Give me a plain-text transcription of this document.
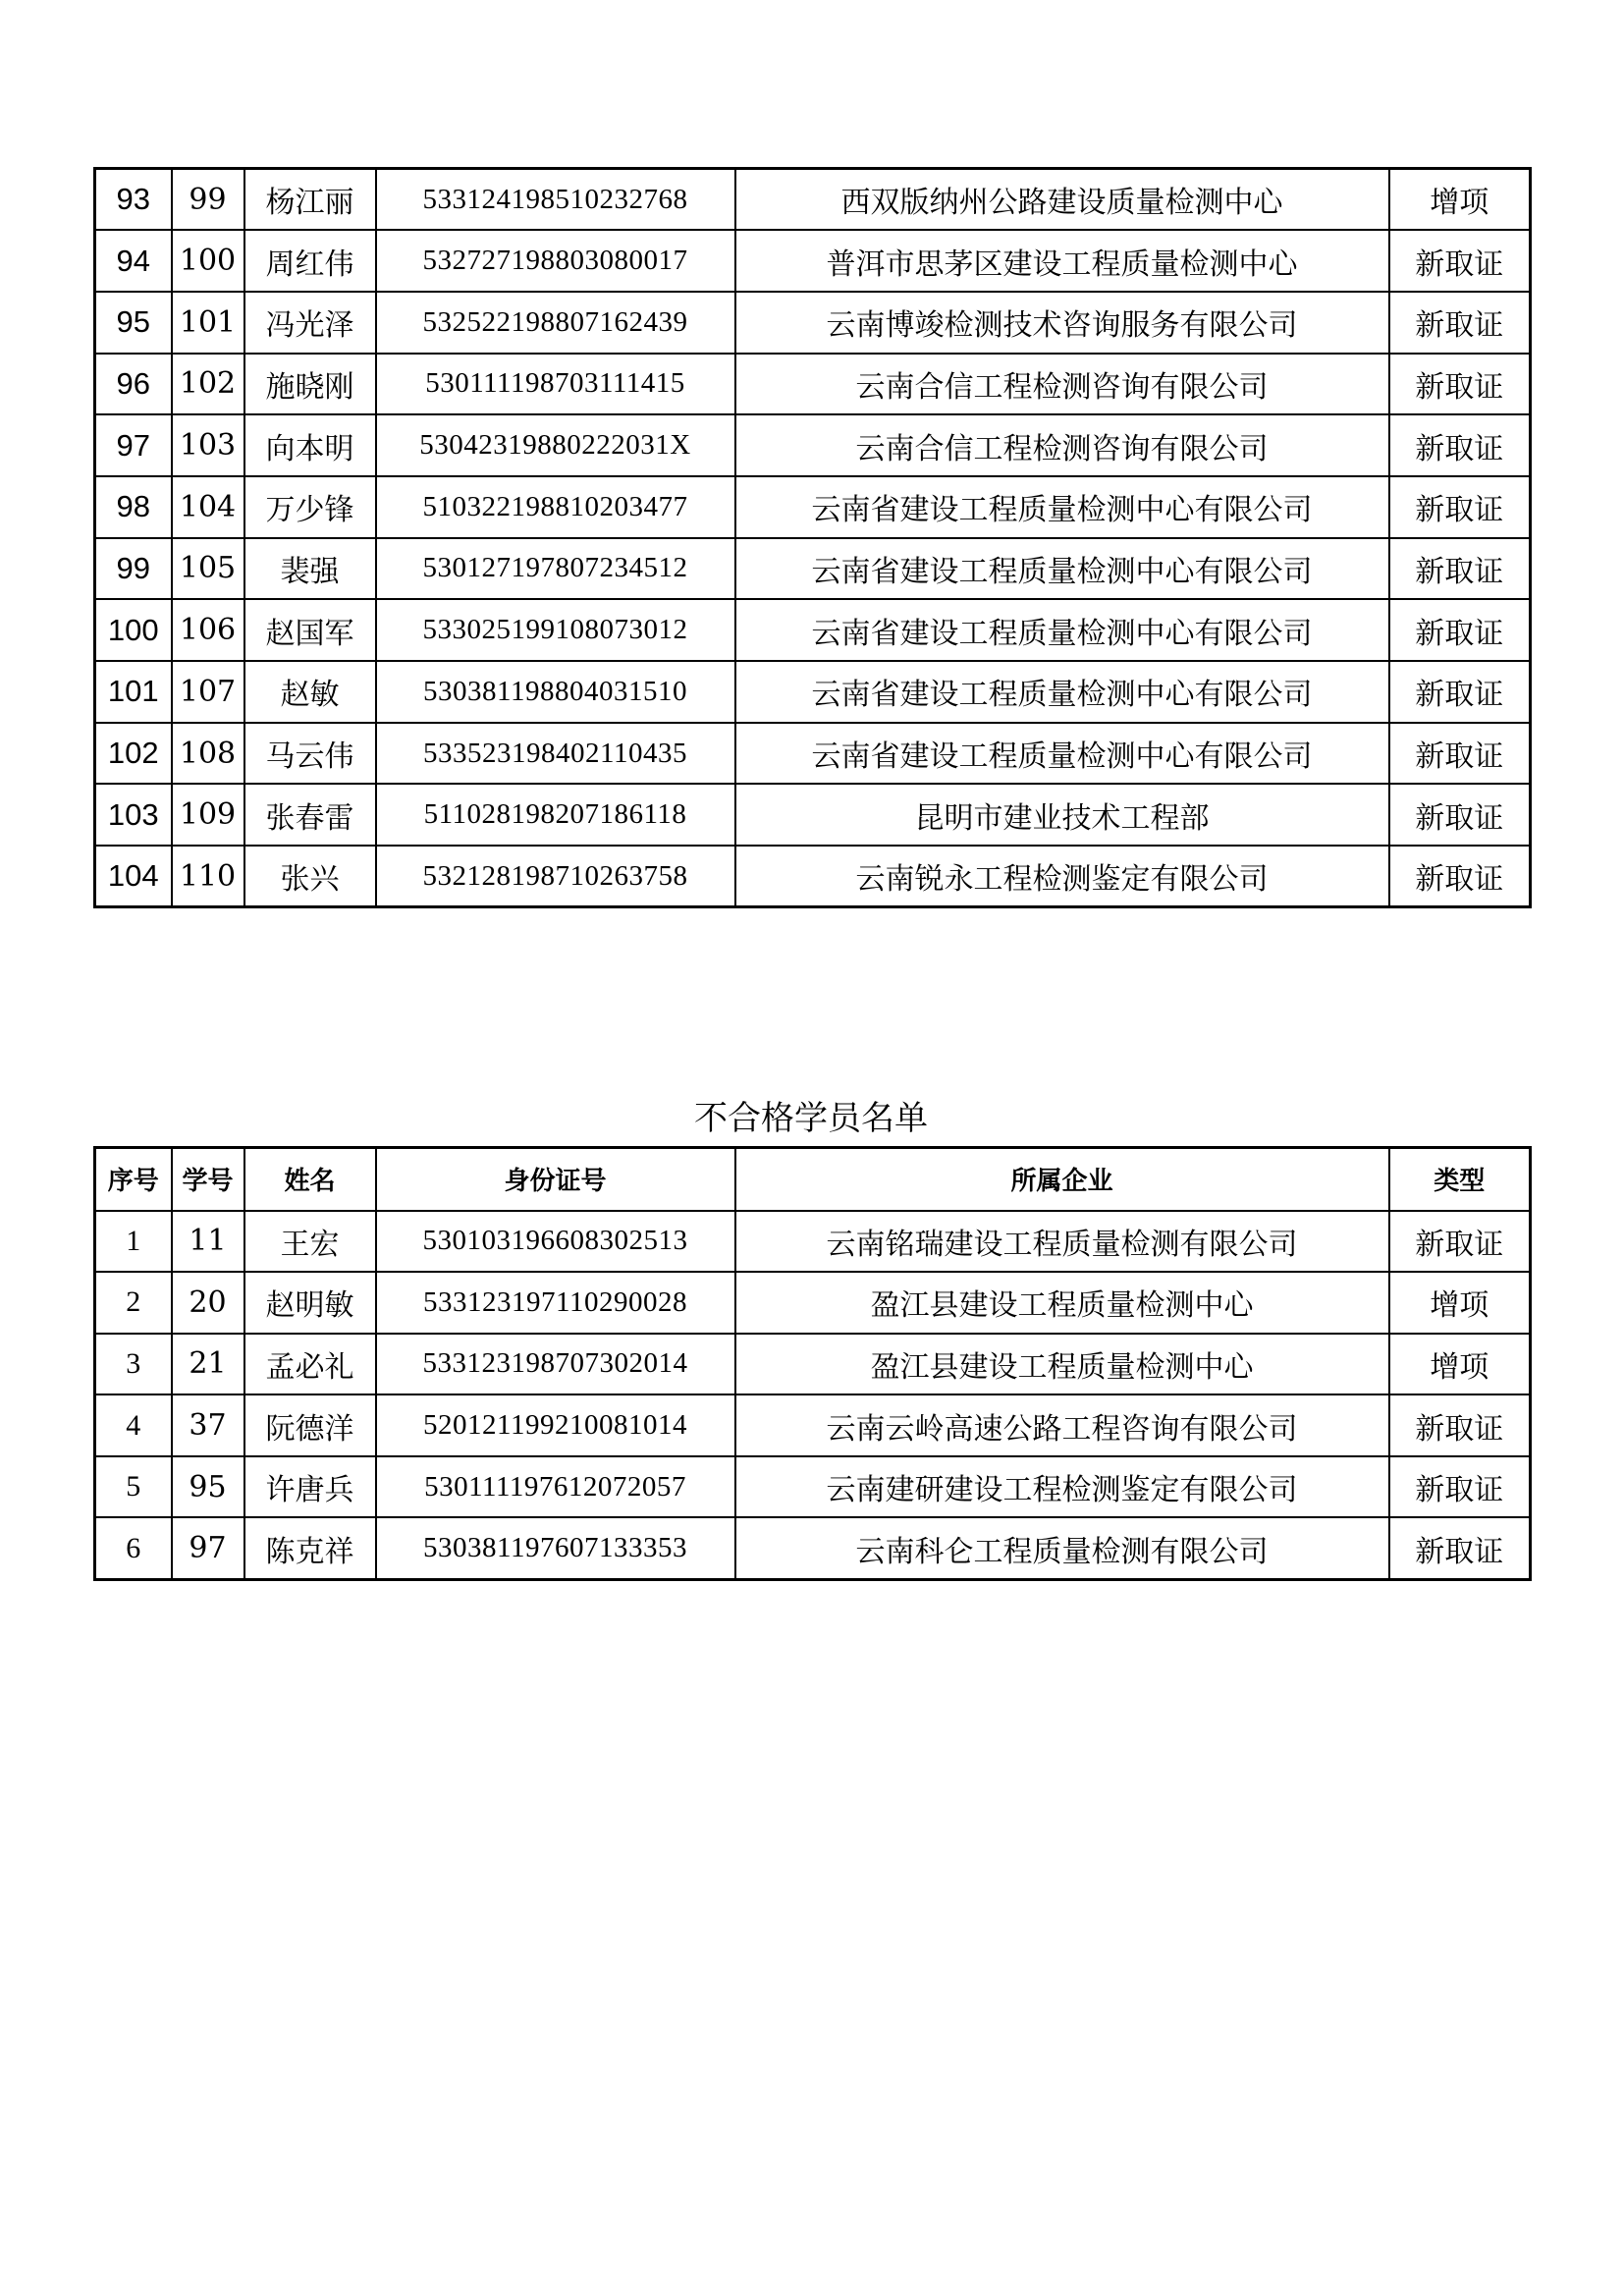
93	99	杨江丽	533124198510232768	西双版纳州公路建设质量检测中心	增项
94	100	周红伟	532727198803080017	普洱市思茅区建设工程质量检测中心	新取证
95	101	冯光泽	532522198807162439	云南博竣检测技术咨询服务有限公司	新取证
96	102	施晓刚	530111198703111415	云南合信工程检测咨询有限公司	新取证
97	103	向本明	53042319880222031X	云南合信工程检测咨询有限公司	新取证
98	104	万少锋	510322198810203477	云南省建设工程质量检测中心有限公司	新取证
99	105	裴强	530127197807234512	云南省建设工程质量检测中心有限公司	新取证
100	106	赵国军	533025199108073012	云南省建设工程质量检测中心有限公司	新取证
101	107	赵敏	530381198804031510	云南省建设工程质量检测中心有限公司	新取证
102	108	马云伟	533523198402110435	云南省建设工程质量检测中心有限公司	新取证
103	109	张春雷	511028198207186118	昆明市建业技术工程部	新取证
104	110	张兴	532128198710263758	云南锐永工程检测鉴定有限公司	新取证
不合格学员名单
序号	学号	姓名	身份证号	所属企业	类型
1	11	王宏	530103196608302513	云南铭瑞建设工程质量检测有限公司	新取证
2	20	赵明敏	533123197110290028	盈江县建设工程质量检测中心	增项
3	21	孟必礼	533123198707302014	盈江县建设工程质量检测中心	增项
4	37	阮德洋	520121199210081014	云南云岭高速公路工程咨询有限公司	新取证
5	95	许唐兵	530111197612072057	云南建研建设工程检测鉴定有限公司	新取证
6	97	陈克祥	530381197607133353	云南科仑工程质量检测有限公司	新取证
